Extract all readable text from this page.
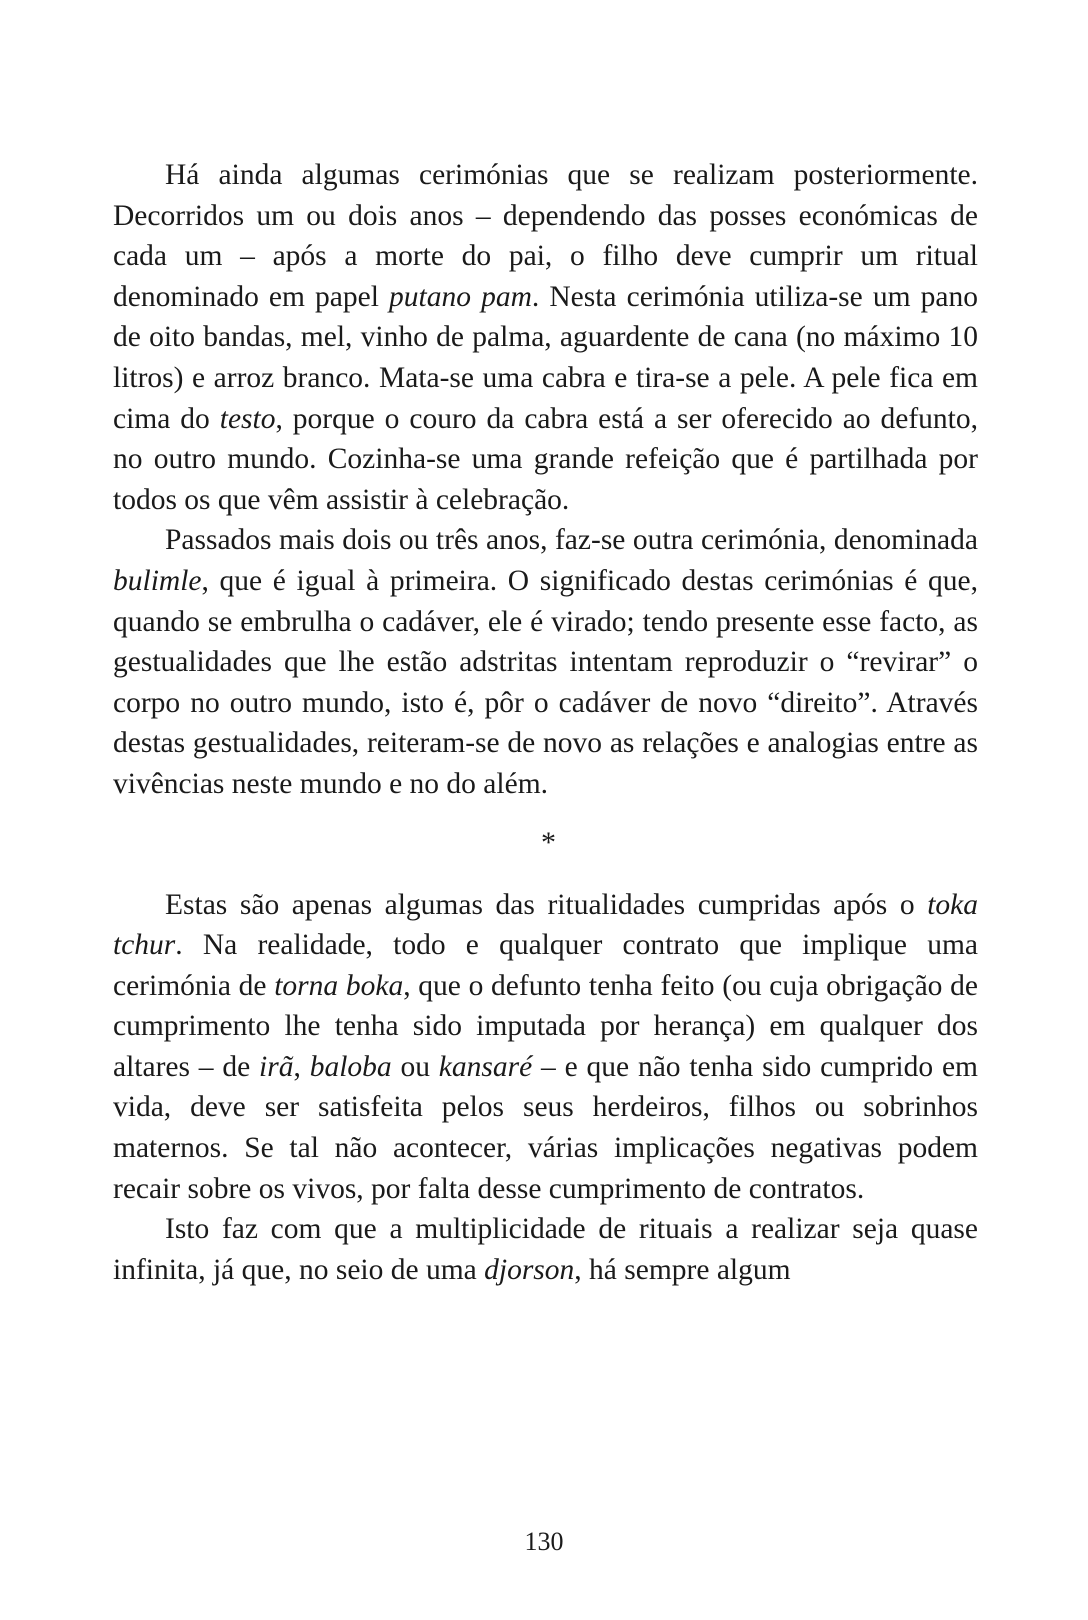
Há ainda algumas cerimónias que se realizam posteriormente. Decorridos um ou dois anos – dependendo das posses económicas de cada um – após a morte do pai, o filho deve cumprir um ritual denominado em papel putano pam. Nesta cerimónia utiliza-se um pano de oito bandas, mel, vinho de palma, aguardente de cana (no máximo 10 litros) e arroz branco. Mata-se uma cabra e tira-se a pele. A pele fica em cima do testo, porque o couro da cabra está a ser oferecido ao defunto, no outro mundo. Cozinha-se uma grande refeição que é partilhada por todos os que vêm assistir à celebração.

Passados mais dois ou três anos, faz-se outra cerimónia, denominada bulimle, que é igual à primeira. O significado destas cerimónias é que, quando se embrulha o cadáver, ele é virado; tendo presente esse facto, as gestualidades que lhe estão adstritas intentam reproduzir o “revirar” o corpo no outro mundo, isto é, pôr o cadáver de novo “direito”. Através destas gestualidades, reiteram-se de novo as relações e analogias entre as vivências neste mundo e no do além.

*

Estas são apenas algumas das ritualidades cumpridas após o toka tchur. Na realidade, todo e qualquer contrato que implique uma cerimónia de torna boka, que o defunto tenha feito (ou cuja obrigação de cumprimento lhe tenha sido imputada por herança) em qualquer dos altares – de irã, baloba ou kansaré – e que não tenha sido cumprido em vida, deve ser satisfeita pelos seus herdeiros, filhos ou sobrinhos maternos. Se tal não acontecer, várias implicações negativas podem recair sobre os vivos, por falta desse cumprimento de contratos.

Isto faz com que a multiplicidade de rituais a realizar seja quase infinita, já que, no seio de uma djorson, há sempre algum

130
